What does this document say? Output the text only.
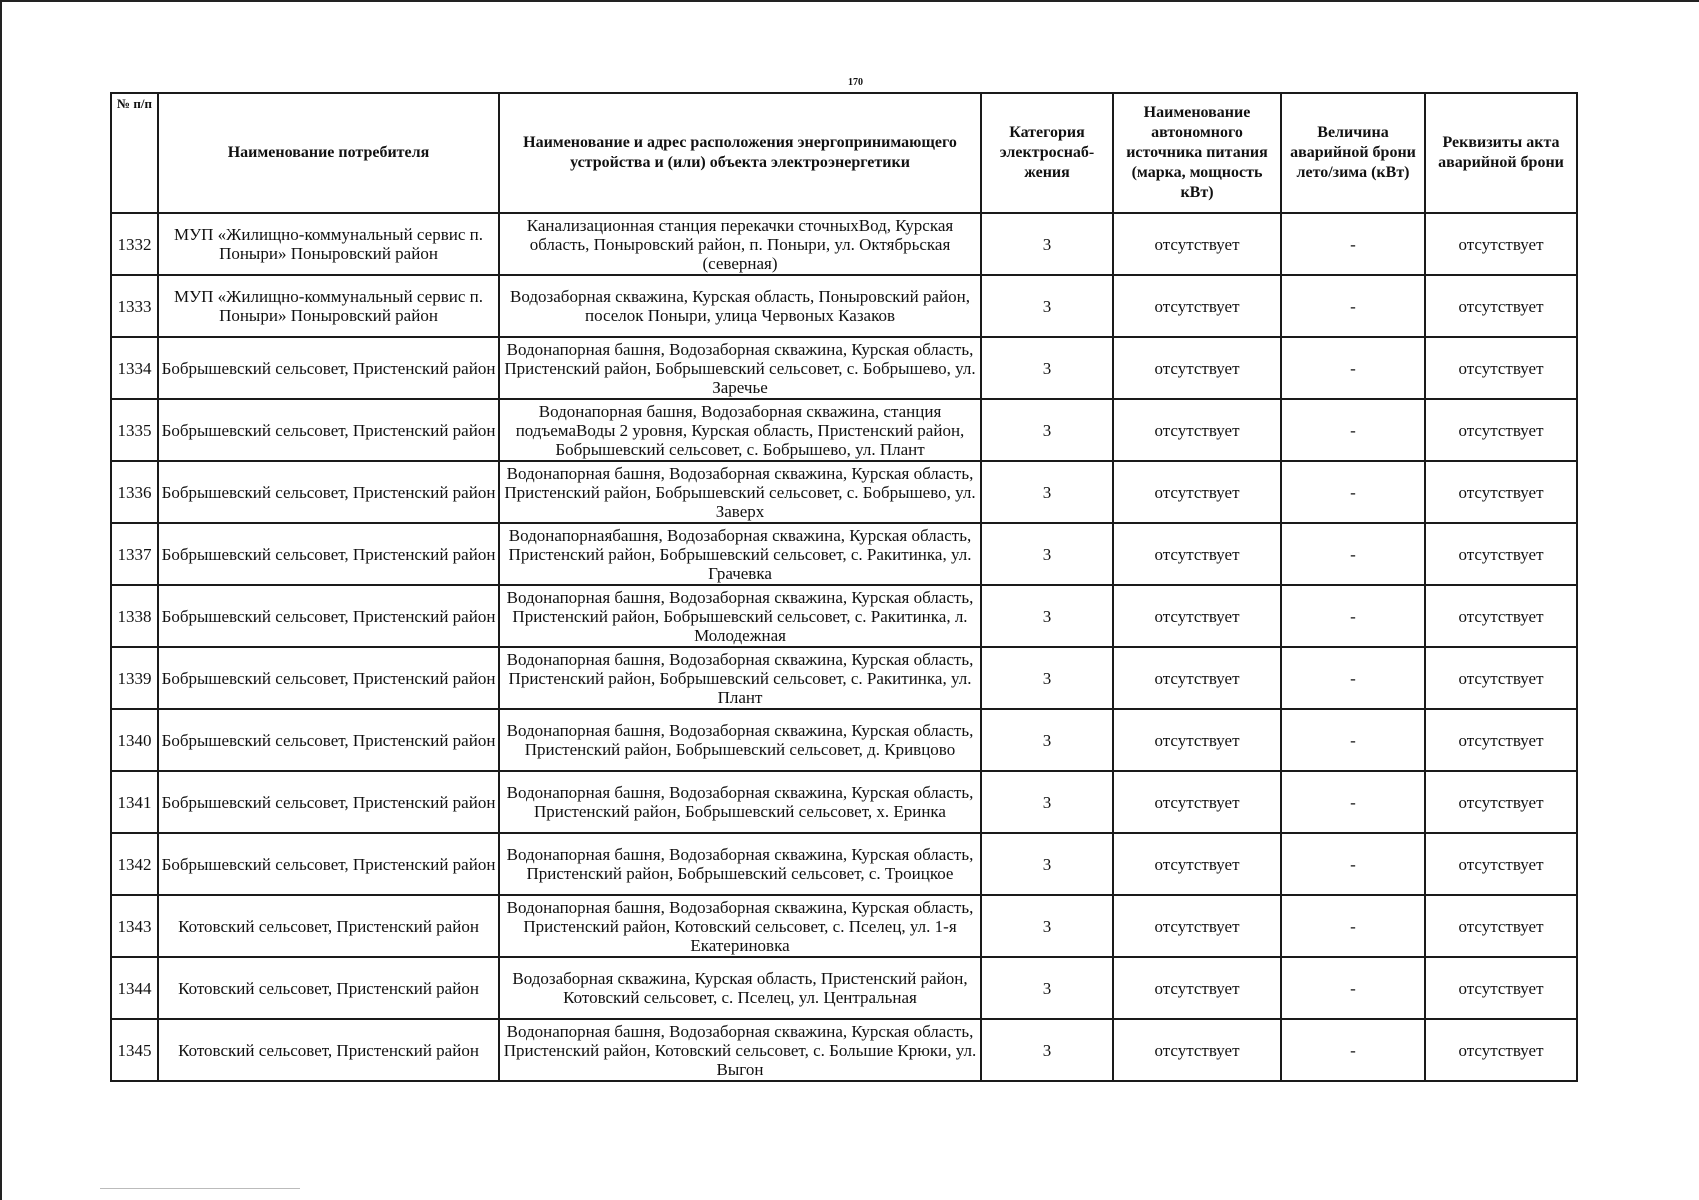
170
№ п/п	Наименование потребителя	Наименование и адрес расположения энергопринимающего устройства и (или) объекта электроэнергетики	Категория электроснаб-жения	Наименование автономного источника питания (марка, мощность кВт)	Величина аварийной брони лето/зима (кВт)	Реквизиты акта аварийной брони
1332	МУП «Жилищно-коммунальный сервис п. Поныри» Поныровский район	Канализационная станция перекачки сточныхВод, Курская область, Поныровский район, п. Поныри, ул. Октябрьская (северная)	3	отсутствует	-	отсутствует
1333	МУП «Жилищно-коммунальный сервис п. Поныри» Поныровский район	Водозаборная скважина, Курская область, Поныровский район, поселок Поныри, улица Червоных Казаков	3	отсутствует	-	отсутствует
1334	Бобрышевский сельсовет, Пристенский район	Водонапорная башня, Водозаборная скважина, Курская область, Пристенский район, Бобрышевский сельсовет, с. Бобрышево, ул. Заречье	3	отсутствует	-	отсутствует
1335	Бобрышевский сельсовет, Пристенский район	Водонапорная башня, Водозаборная скважина, станция подъемаВоды 2 уровня, Курская область, Пристенский район, Бобрышевский сельсовет, с. Бобрышево, ул. Плант	3	отсутствует	-	отсутствует
1336	Бобрышевский сельсовет, Пристенский район	Водонапорная башня, Водозаборная скважина, Курская область, Пристенский район, Бобрышевский сельсовет, с. Бобрышево, ул. Заверх	3	отсутствует	-	отсутствует
1337	Бобрышевский сельсовет, Пристенский район	Водонапорнаябашня, Водозаборная скважина, Курская область, Пристенский район, Бобрышевский сельсовет, с. Ракитинка, ул. Грачевка	3	отсутствует	-	отсутствует
1338	Бобрышевский сельсовет, Пристенский район	Водонапорная башня, Водозаборная скважина, Курская область, Пристенский район, Бобрышевский сельсовет, с. Ракитинка, л. Молодежная	3	отсутствует	-	отсутствует
1339	Бобрышевский сельсовет, Пристенский район	Водонапорная башня, Водозаборная скважина, Курская область, Пристенский район, Бобрышевский сельсовет, с. Ракитинка, ул. Плант	3	отсутствует	-	отсутствует
1340	Бобрышевский сельсовет, Пристенский район	Водонапорная башня, Водозаборная скважина, Курская область, Пристенский район, Бобрышевский сельсовет, д. Кривцово	3	отсутствует	-	отсутствует
1341	Бобрышевский сельсовет, Пристенский район	Водонапорная башня, Водозаборная скважина, Курская область, Пристенский район, Бобрышевский сельсовет, х. Еринка	3	отсутствует	-	отсутствует
1342	Бобрышевский сельсовет, Пристенский район	Водонапорная башня, Водозаборная скважина, Курская область, Пристенский район, Бобрышевский сельсовет, с. Троицкое	3	отсутствует	-	отсутствует
1343	Котовский сельсовет, Пристенский район	Водонапорная башня, Водозаборная скважина, Курская область, Пристенский район, Котовский сельсовет, с. Пселец, ул. 1-я Екатериновка	3	отсутствует	-	отсутствует
1344	Котовский сельсовет, Пристенский район	Водозаборная скважина, Курская область, Пристенский район, Котовский сельсовет, с. Пселец, ул. Центральная	3	отсутствует	-	отсутствует
1345	Котовский сельсовет, Пристенский район	Водонапорная башня, Водозаборная скважина, Курская область, Пристенский район, Котовский сельсовет, с. Большие Крюки, ул. Выгон	3	отсутствует	-	отсутствует
